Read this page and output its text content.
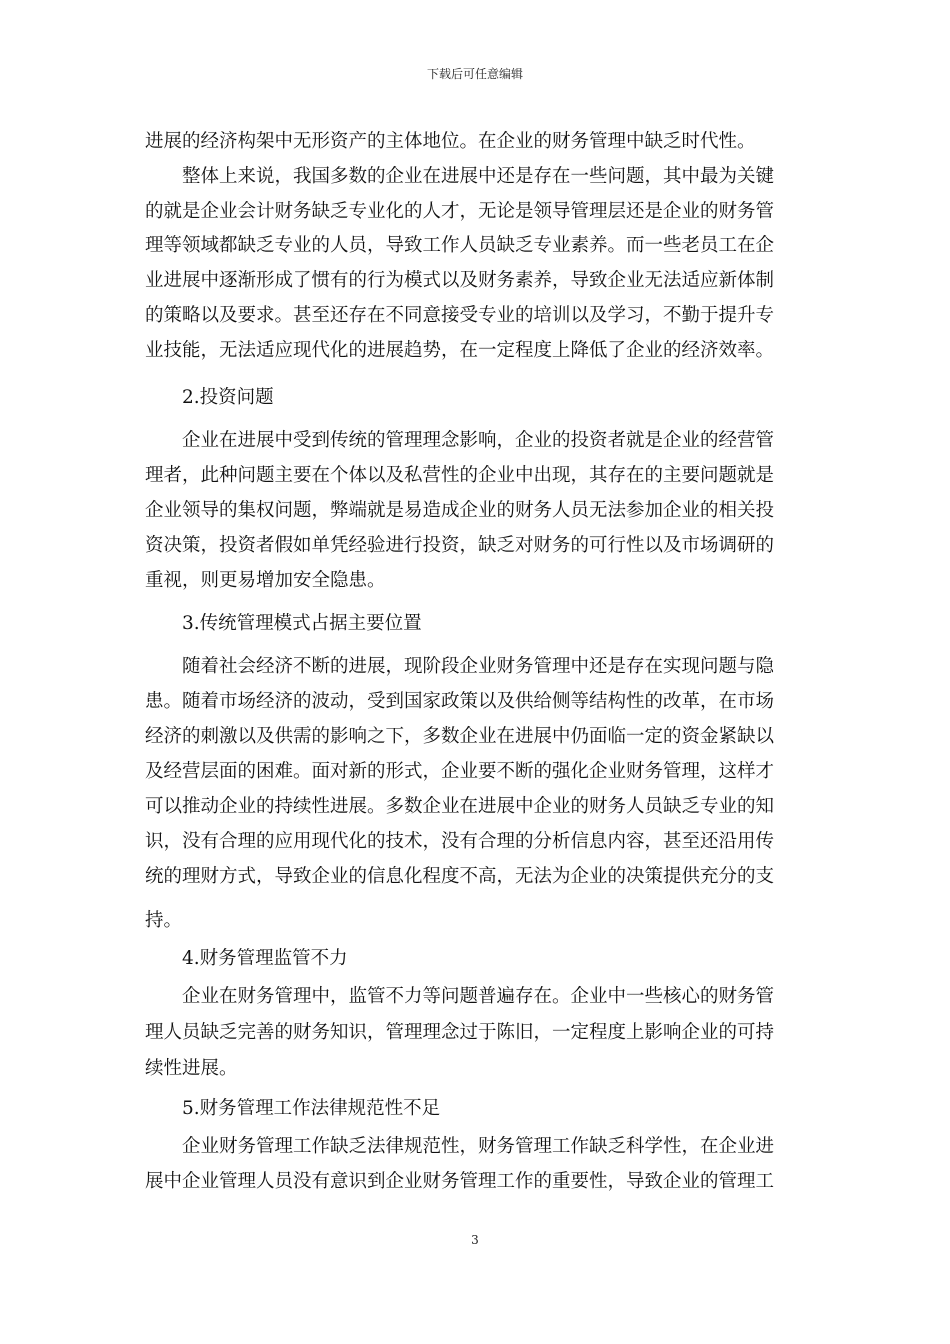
下载后可任意编辑
进展的经济构架中无形资产的主体地位。在企业的财务管理中缺乏时代性。
　　整体上来说，我国多数的企业在进展中还是存在一些问题，其中最为关键
的就是企业会计财务缺乏专业化的人才，无论是领导管理层还是企业的财务管
理等领域都缺乏专业的人员，导致工作人员缺乏专业素养。而一些老员工在企
业进展中逐渐形成了惯有的行为模式以及财务素养，导致企业无法适应新体制
的策略以及要求。甚至还存在不同意接受专业的培训以及学习，不勤于提升专
业技能，无法适应现代化的进展趋势，在一定程度上降低了企业的经济效率。
　　2.投资问题
　　企业在进展中受到传统的管理理念影响，企业的投资者就是企业的经营管
理者，此种问题主要在个体以及私营性的企业中出现，其存在的主要问题就是
企业领导的集权问题，弊端就是易造成企业的财务人员无法参加企业的相关投
资决策，投资者假如单凭经验进行投资，缺乏对财务的可行性以及市场调研的
重视，则更易增加安全隐患。
　　3.传统管理模式占据主要位置
　　随着社会经济不断的进展，现阶段企业财务管理中还是存在实现问题与隐
患。随着市场经济的波动，受到国家政策以及供给侧等结构性的改革，在市场
经济的刺激以及供需的影响之下，多数企业在进展中仍面临一定的资金紧缺以
及经营层面的困难。面对新的形式，企业要不断的强化企业财务管理，这样才
可以推动企业的持续性进展。多数企业在进展中企业的财务人员缺乏专业的知
识，没有合理的应用现代化的技术，没有合理的分析信息内容，甚至还沿用传
统的理财方式，导致企业的信息化程度不高，无法为企业的决策提供充分的支
持。
　　4.财务管理监管不力
　　企业在财务管理中，监管不力等问题普遍存在。企业中一些核心的财务管
理人员缺乏完善的财务知识，管理理念过于陈旧，一定程度上影响企业的可持
续性进展。
　　5.财务管理工作法律规范性不足
　　企业财务管理工作缺乏法律规范性，财务管理工作缺乏科学性，在企业进
展中企业管理人员没有意识到企业财务管理工作的重要性，导致企业的管理工
3
